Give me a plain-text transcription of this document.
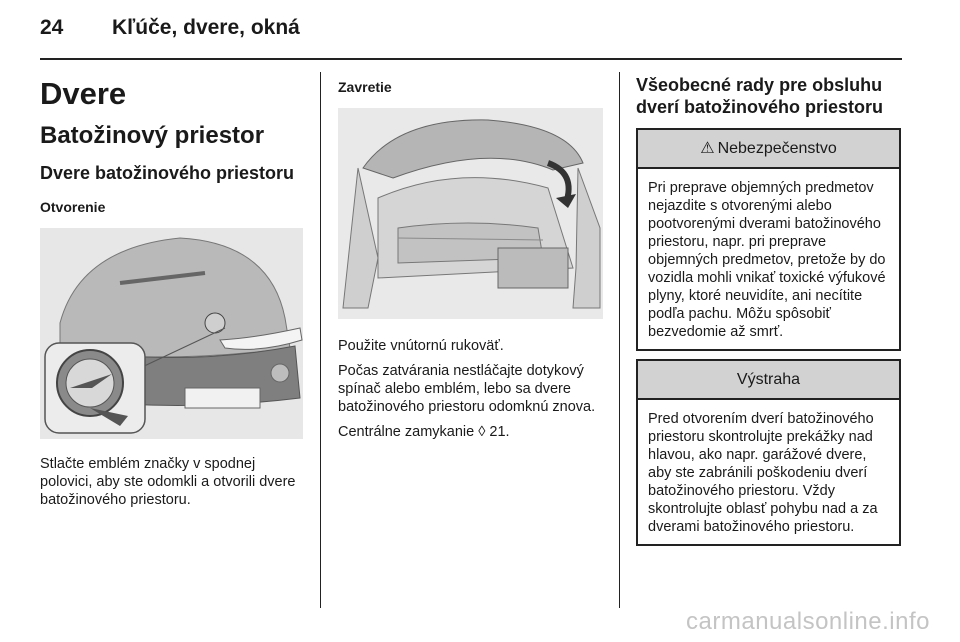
24	Kľúče, dvere, okná
Dvere
Batožinový priestor
Dvere batožinového priestoru
Otvorenie

Stlačte emblém značky v spodnej polovici, aby ste odomkli a otvorili dvere batožinového priestoru.

Zavretie

Použite vnútornú rukoväť.

Počas zatvárania nestláčajte dotykový spínač alebo emblém, lebo sa dvere batožinového priestoru odomknú znova.

Centrálne zamykanie ◊ 21.

Všeobecné rady pre obsluhu dverí batožinového priestoru
⚠ Nebezpečenstvo
Pri preprave objemných predmetov nejazdite s otvorenými alebo pootvorenými dverami batožinového priestoru, napr. pri preprave objemných predmetov, pretože by do vozidla mohli vnikať toxické výfukové plyny, ktoré neuvidíte, ani necítite podľa pachu. Môžu spôsobiť bezvedomie až smrť.
Výstraha
Pred otvorením dverí batožinového priestoru skontrolujte prekážky nad hlavou, ako napr. garážové dvere, aby ste zabránili poškodeniu dverí batožinového priestoru. Vždy skontrolujte oblasť pohybu nad a za dverami batožinového priestoru.
carmanualsonline.info
